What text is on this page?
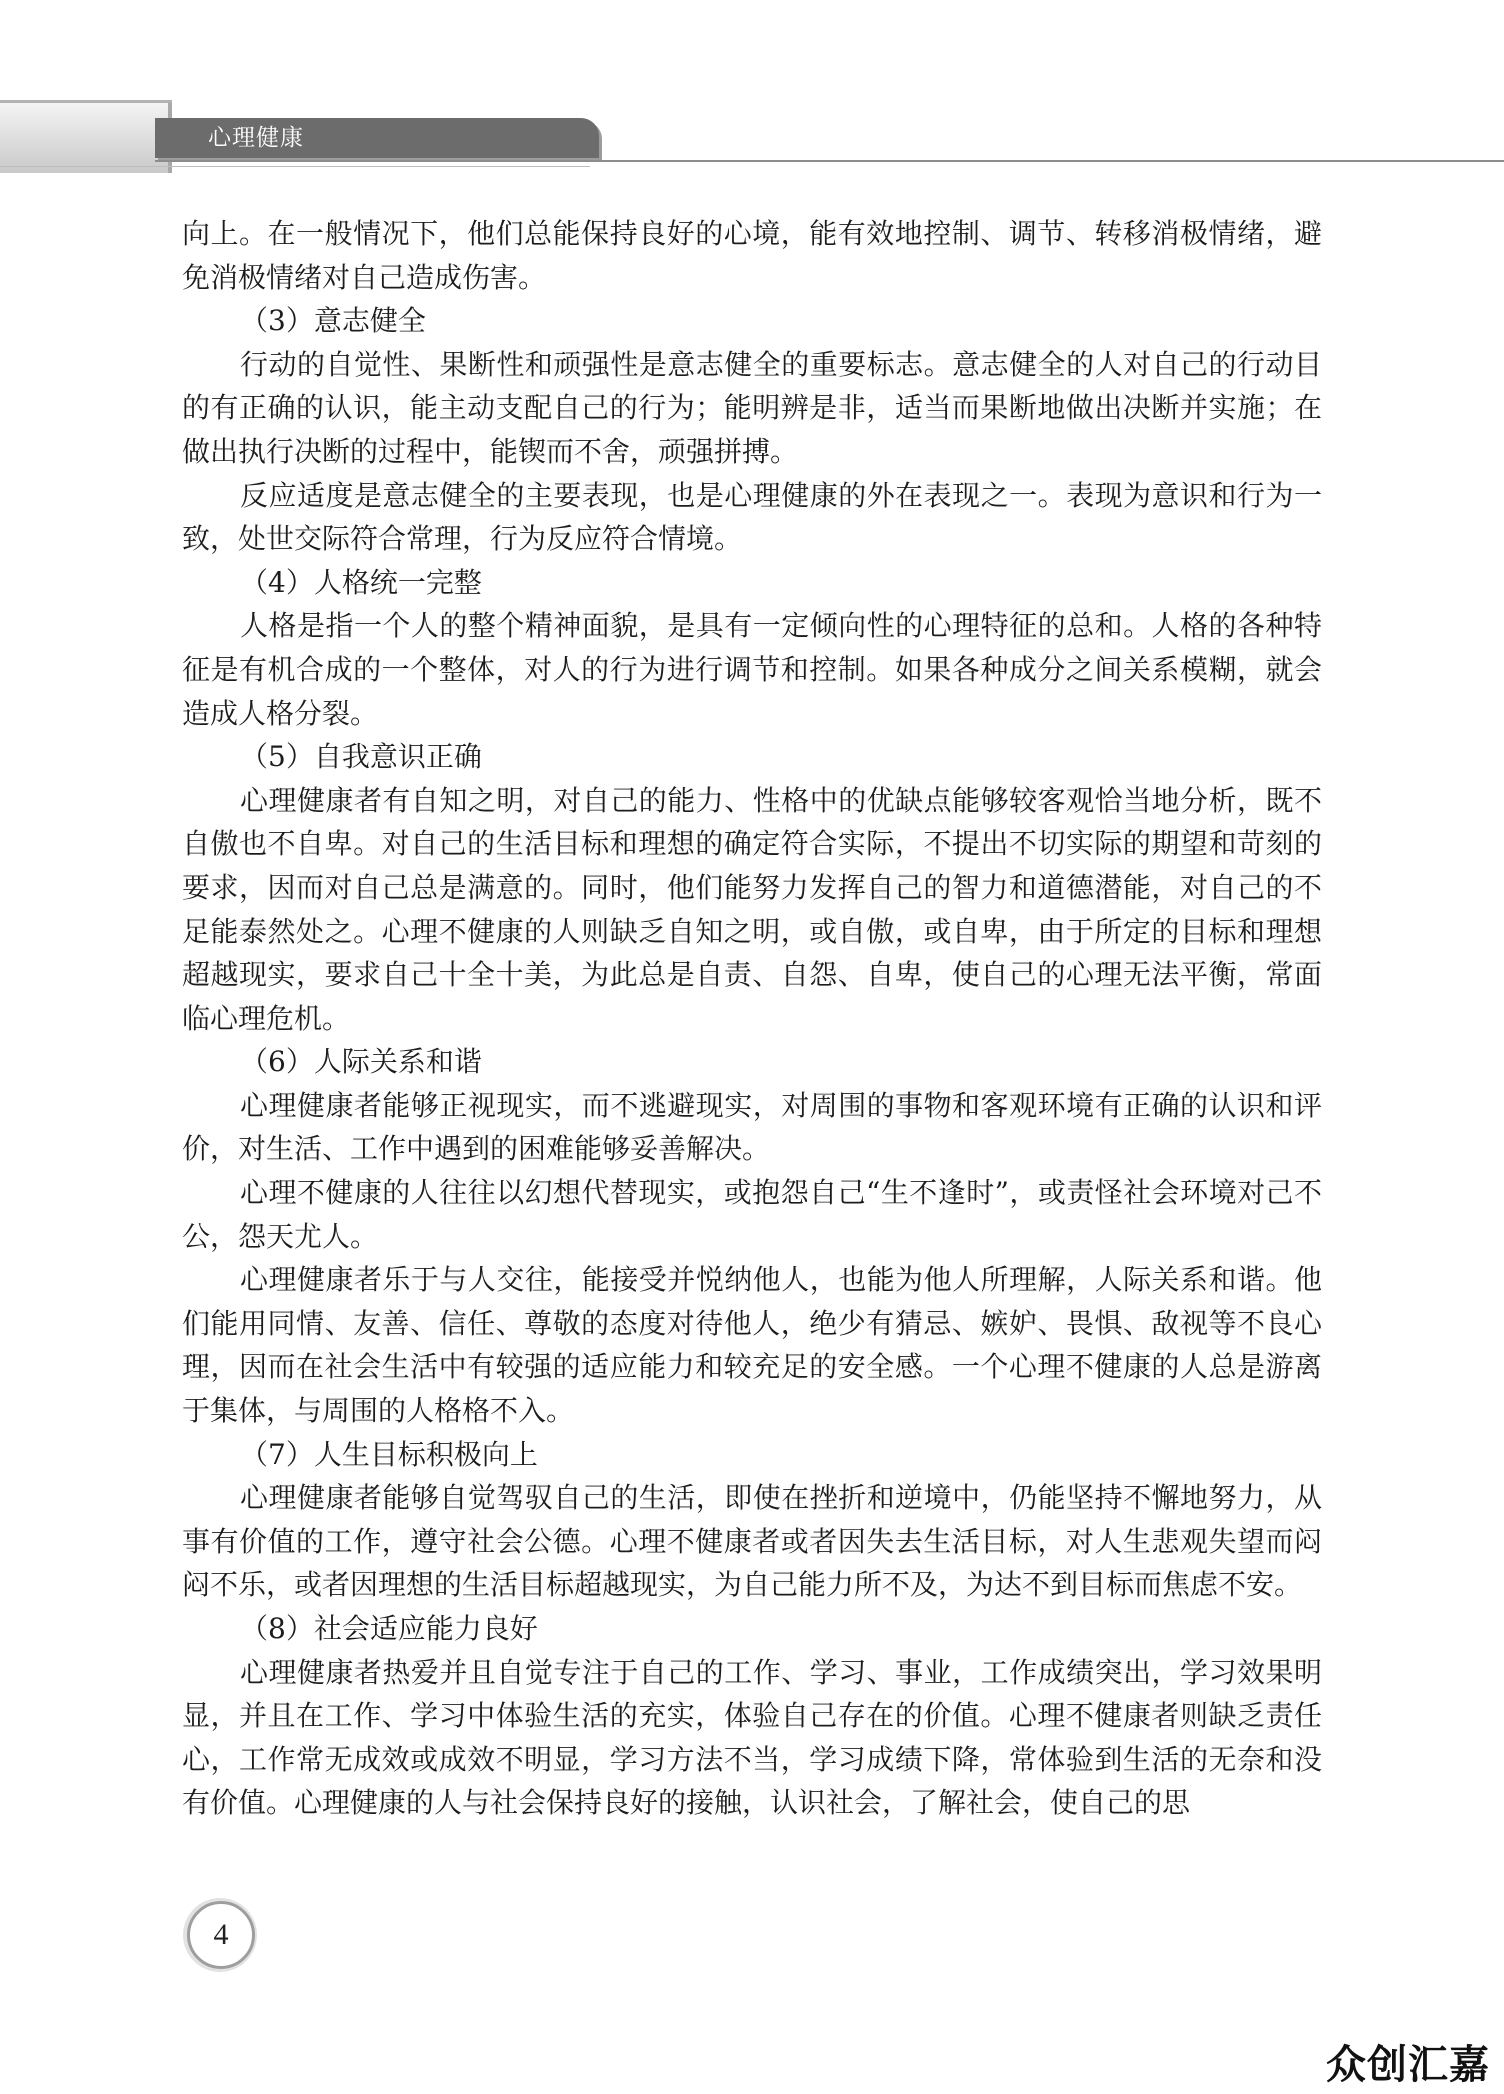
心理健康

向上。在一般情况下，他们总能保持良好的心境，能有效地控制、调节、转移消极情绪，避免消极情绪对自己造成伤害。

（3）意志健全

行动的自觉性、果断性和顽强性是意志健全的重要标志。意志健全的人对自己的行动目的有正确的认识，能主动支配自己的行为；能明辨是非，适当而果断地做出决断并实施；在做出执行决断的过程中，能锲而不舍，顽强拼搏。

反应适度是意志健全的主要表现，也是心理健康的外在表现之一。表现为意识和行为一致，处世交际符合常理，行为反应符合情境。

（4）人格统一完整

人格是指一个人的整个精神面貌，是具有一定倾向性的心理特征的总和。人格的各种特征是有机合成的一个整体，对人的行为进行调节和控制。如果各种成分之间关系模糊，就会造成人格分裂。

（5）自我意识正确

心理健康者有自知之明，对自己的能力、性格中的优缺点能够较客观恰当地分析，既不自傲也不自卑。对自己的生活目标和理想的确定符合实际，不提出不切实际的期望和苛刻的要求，因而对自己总是满意的。同时，他们能努力发挥自己的智力和道德潜能，对自己的不足能泰然处之。心理不健康的人则缺乏自知之明，或自傲，或自卑，由于所定的目标和理想超越现实，要求自己十全十美，为此总是自责、自怨、自卑，使自己的心理无法平衡，常面临心理危机。

（6）人际关系和谐

心理健康者能够正视现实，而不逃避现实，对周围的事物和客观环境有正确的认识和评价，对生活、工作中遇到的困难能够妥善解决。

心理不健康的人往往以幻想代替现实，或抱怨自己“生不逢时”，或责怪社会环境对己不公，怨天尤人。

心理健康者乐于与人交往，能接受并悦纳他人，也能为他人所理解，人际关系和谐。他们能用同情、友善、信任、尊敬的态度对待他人，绝少有猜忌、嫉妒、畏惧、敌视等不良心理，因而在社会生活中有较强的适应能力和较充足的安全感。一个心理不健康的人总是游离于集体，与周围的人格格不入。

（7）人生目标积极向上

心理健康者能够自觉驾驭自己的生活，即使在挫折和逆境中，仍能坚持不懈地努力，从事有价值的工作，遵守社会公德。心理不健康者或者因失去生活目标，对人生悲观失望而闷闷不乐，或者因理想的生活目标超越现实，为自己能力所不及，为达不到目标而焦虑不安。

（8）社会适应能力良好

心理健康者热爱并且自觉专注于自己的工作、学习、事业，工作成绩突出，学习效果明显，并且在工作、学习中体验生活的充实，体验自己存在的价值。心理不健康者则缺乏责任心，工作常无成效或成效不明显，学习方法不当，学习成绩下降，常体验到生活的无奈和没有价值。心理健康的人与社会保持良好的接触，认识社会，了解社会，使自己的思

4
众创汇嘉
